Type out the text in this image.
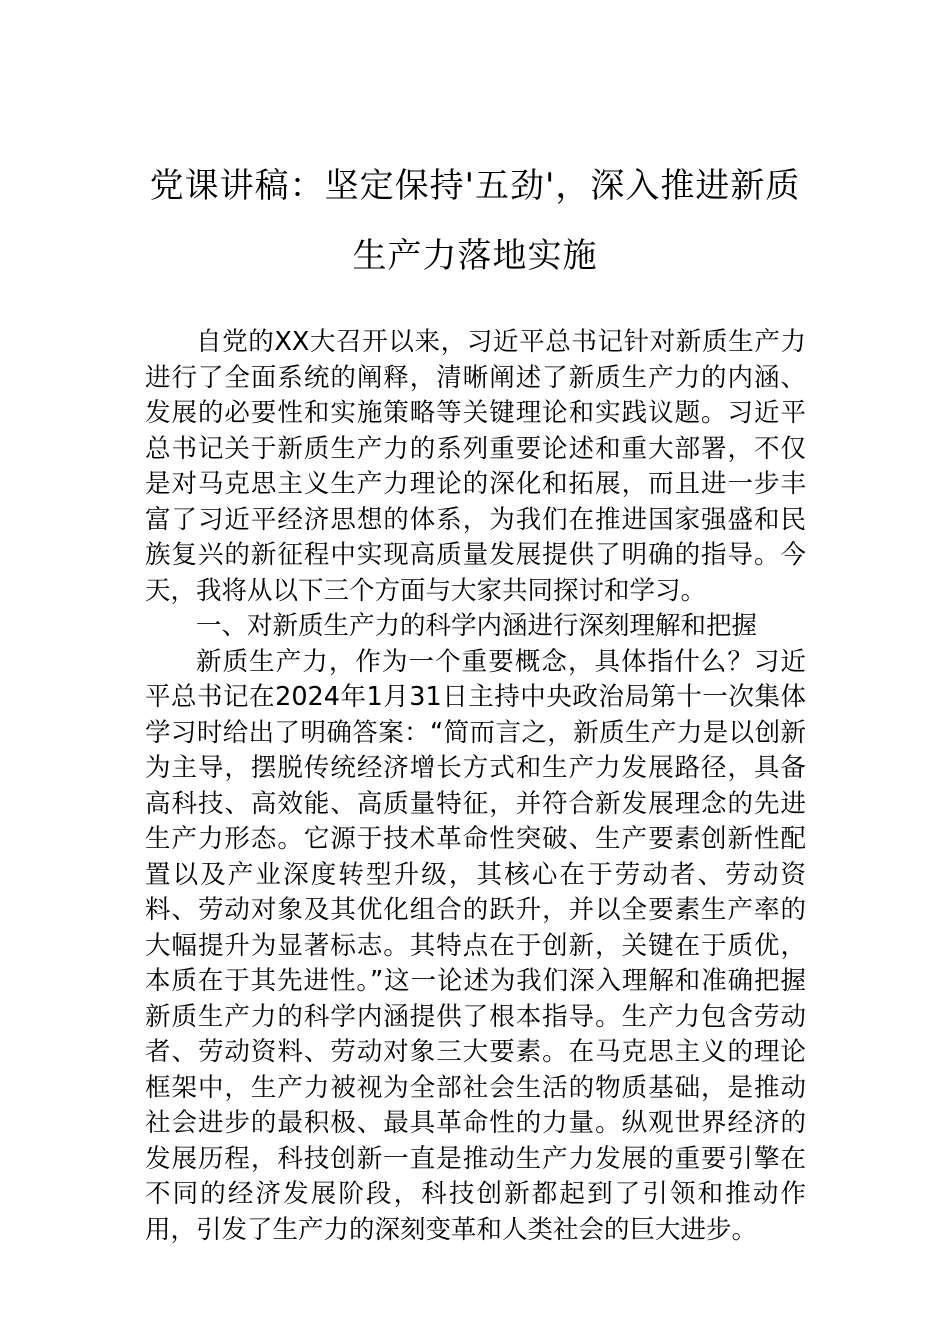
党课讲稿：坚定保持'五劲'，深入推进新质
生产力落地实施

自党的XX大召开以来，习近平总书记针对新质生产力进行了全面系统的阐释，清晰阐述了新质生产力的内涵、发展的必要性和实施策略等关键理论和实践议题。习近平总书记关于新质生产力的系列重要论述和重大部署，不仅是对马克思主义生产力理论的深化和拓展，而且进一步丰富了习近平经济思想的体系，为我们在推进国家强盛和民族复兴的新征程中实现高质量发展提供了明确的指导。今天，我将从以下三个方面与大家共同探讨和学习。

一、对新质生产力的科学内涵进行深刻理解和把握

新质生产力，作为一个重要概念，具体指什么？习近平总书记在2024年1月31日主持中央政治局第十一次集体学习时给出了明确答案：“简而言之，新质生产力是以创新为主导，摆脱传统经济增长方式和生产力发展路径，具备高科技、高效能、高质量特征，并符合新发展理念的先进生产力形态。它源于技术革命性突破、生产要素创新性配置以及产业深度转型升级，其核心在于劳动者、劳动资料、劳动对象及其优化组合的跃升，并以全要素生产率的大幅提升为显著标志。其特点在于创新，关键在于质优，本质在于其先进性。”这一论述为我们深入理解和准确把握新质生产力的科学内涵提供了根本指导。生产力包含劳动者、劳动资料、劳动对象三大要素。在马克思主义的理论框架中，生产力被视为全部社会生活的物质基础，是推动社会进步的最积极、最具革命性的力量。纵观世界经济的发展历程，科技创新一直是推动生产力发展的重要引擎在不同的经济发展阶段，科技创新都起到了引领和推动作用，引发了生产力的深刻变革和人类社会的巨大进步。
